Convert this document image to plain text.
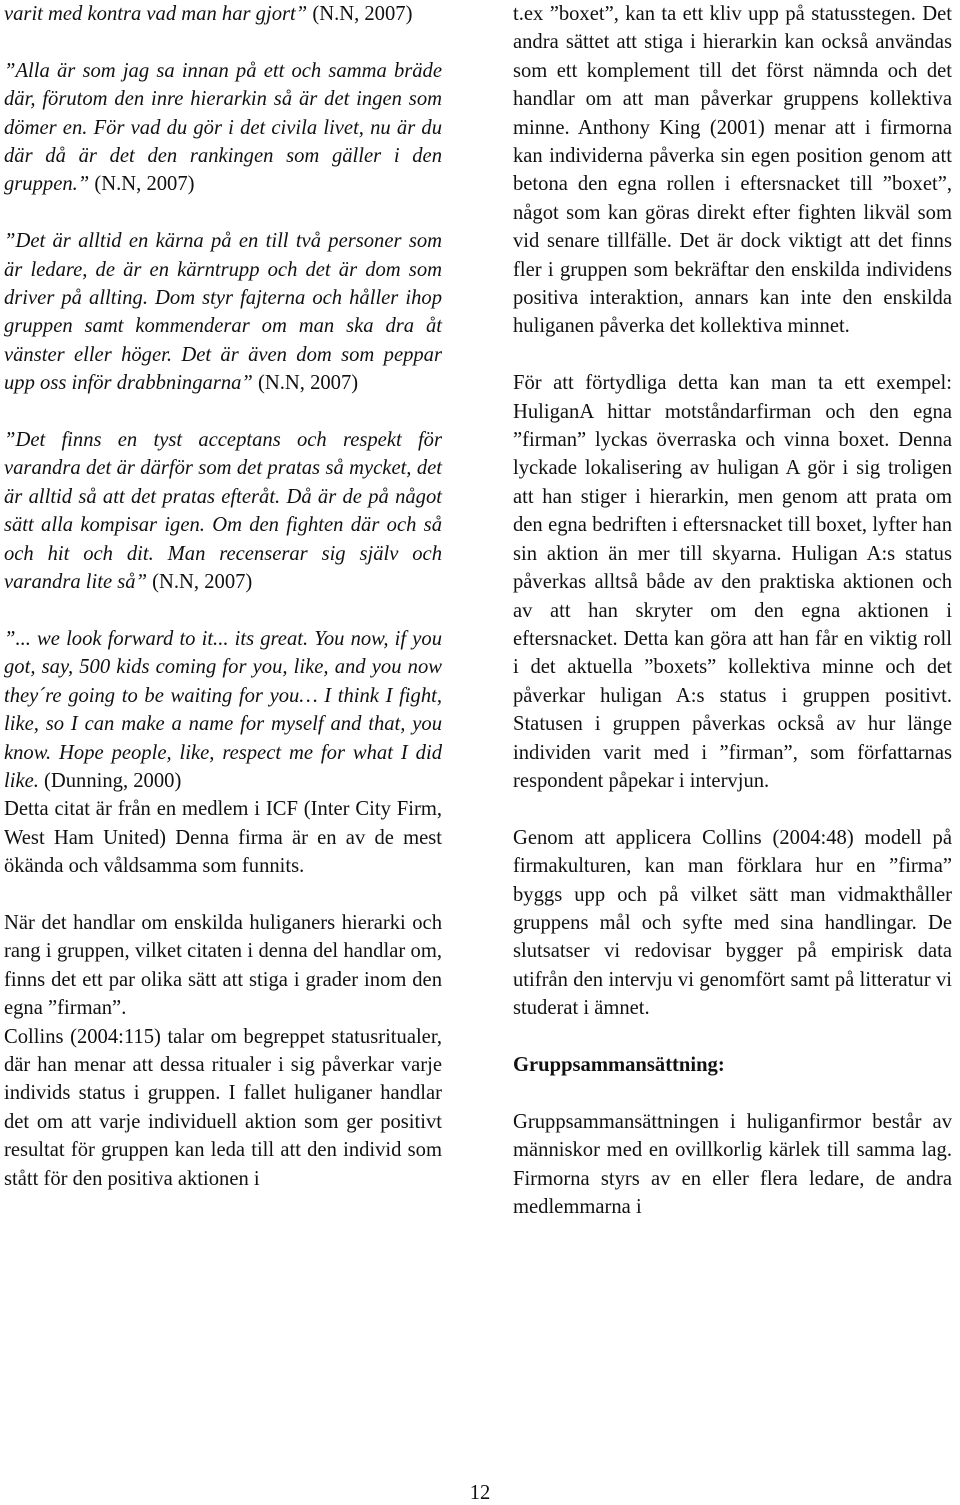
varit med kontra vad man har gjort” (N.N, 2007)

”Alla är som jag sa innan på ett och samma bräde där, förutom den inre hierarkin så är det ingen som dömer en. För vad du gör i det civila livet, nu är du där då är det den rankingen som gäller i den gruppen.” (N.N, 2007)

”Det är alltid en kärna på en till två personer som är ledare, de är en kärntrupp och det är dom som driver på allting. Dom styr fajterna och håller ihop gruppen samt kommenderar om man ska dra åt vänster eller höger. Det är även dom som peppar upp oss inför drabbningarna” (N.N, 2007)

”Det finns en tyst acceptans och respekt för varandra det är därför som det pratas så mycket, det är alltid så att det pratas efteråt. Då är de på något sätt alla kompisar igen. Om den fighten där och så och hit och dit. Man recenserar sig själv och varandra lite så” (N.N, 2007)

”... we look forward to it... its great. You now, if you got, say, 500 kids coming for you, like, and you now they´re going to be waiting for you… I think I fight, like, so I can make a name for myself and that, you know. Hope people, like, respect me for what I did like. (Dunning, 2000)

Detta citat är från en medlem i ICF (Inter City Firm, West Ham United) Denna firma är en av de mest ökända och våldsamma som funnits.

När det handlar om enskilda huliganers hierarki och rang i gruppen, vilket citaten i denna del handlar om, finns det ett par olika sätt att stiga i grader inom den egna ”firman”.

Collins (2004:115) talar om begreppet statusritualer, där han menar att dessa ritualer i sig påverkar varje individs status i gruppen. I fallet huliganer handlar det om att varje individuell aktion som ger positivt resultat för gruppen kan leda till att den individ som stått för den positiva aktionen i

t.ex ”boxet”, kan ta ett kliv upp på statusstegen. Det andra sättet att stiga i hierarkin kan också användas som ett komplement till det först nämnda och det handlar om att man påverkar gruppens kollektiva minne. Anthony King (2001) menar att i firmorna kan individerna påverka sin egen position genom att betona den egna rollen i eftersnacket till ”boxet”, något som kan göras direkt efter fighten likväl som vid senare tillfälle. Det är dock viktigt att det finns fler i gruppen som bekräftar den enskilda individens positiva interaktion, annars kan inte den enskilda huliganen påverka det kollektiva minnet.

För att förtydliga detta kan man ta ett exempel: HuliganA hittar motståndarfirman och den egna ”firman” lyckas överraska och vinna boxet. Denna lyckade lokalisering av huligan A gör i sig troligen att han stiger i hierarkin, men genom att prata om den egna bedriften i eftersnacket till boxet, lyfter han sin aktion än mer till skyarna. Huligan A:s status påverkas alltså både av den praktiska aktionen och av att han skryter om den egna aktionen i eftersnacket. Detta kan göra att han får en viktig roll i det aktuella ”boxets” kollektiva minne och det påverkar huligan A:s status i gruppen positivt. Statusen i gruppen påverkas också av hur länge individen varit med i ”firman”, som författarnas respondent påpekar i intervjun.

Genom att applicera Collins (2004:48) modell på firmakulturen, kan man förklara hur en ”firma” byggs upp och på vilket sätt man vidmakthåller gruppens mål och syfte med sina handlingar. De slutsatser vi redovisar bygger på empirisk data utifrån den intervju vi genomfört samt på litteratur vi studerat i ämnet.

Gruppsammansättning:

Gruppsammansättningen i huliganfirmor består av människor med en ovillkorlig kärlek till samma lag. Firmorna styrs av en eller flera ledare, de andra medlemmarna i

12
